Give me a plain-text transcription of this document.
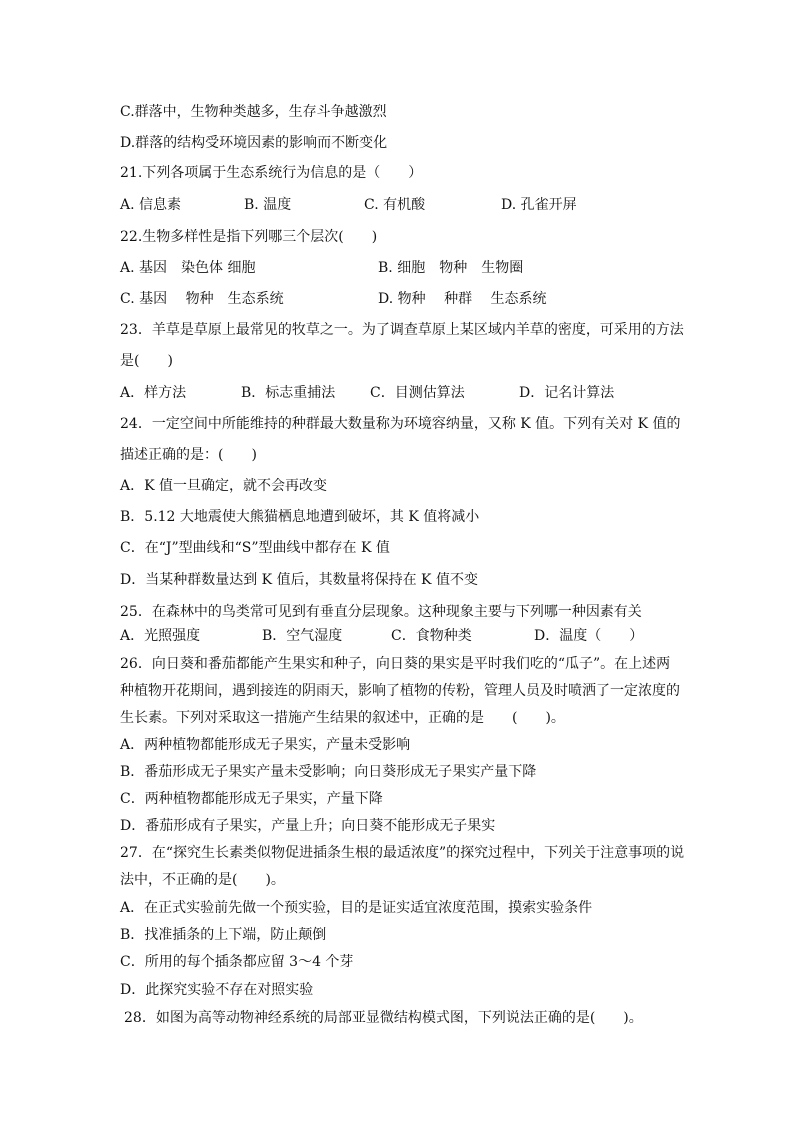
C.群落中，生物种类越多，生存斗争越激烈
D.群落的结构受环境因素的影响而不断变化
21.下列各项属于生态系统行为信息的是（　　）
A. 信息素	B. 温度	C. 有机酸	D. 孔雀开屏
22.生物多样性是指下列哪三个层次(　　)
A. 基因　染色体 细胞	B. 细胞　物种　生物圈
C. 基因　 物种　生态系统	D. 物种　 种群　 生态系统
23．羊草是草原上最常见的牧草之一。为了调查草原上某区域内羊草的密度，可采用的方法
是(　　)
A．样方法	B．标志重捕法 C．目测估算法	D．记名计算法
24．一定空间中所能维持的种群最大数量称为环境容纳量，又称 K 值。下列有关对 K 值的
描述正确的是：(　　)
A．K 值一旦确定，就不会再改变
B．5.12 大地震使大熊猫栖息地遭到破坏，其 K 值将减小
C．在“J”型曲线和“S”型曲线中都存在 K 值
D．当某种群数量达到 K 值后，其数量将保持在 K 值不变
25．在森林中的鸟类常可见到有垂直分层现象。这种现象主要与下列哪一种因素有关
A．光照强度	B．空气湿度	C．食物种类	D．温度（　　）
26．向日葵和番茄都能产生果实和种子，向日葵的果实是平时我们吃的“瓜子”。在上述两
种植物开花期间，遇到接连的阴雨天，影响了植物的传粉，管理人员及时喷洒了一定浓度的
生长素。下列对采取这一措施产生结果的叙述中，正确的是　　(　　)。
A．两种植物都能形成无子果实，产量未受影响
B．番茄形成无子果实产量未受影响；向日葵形成无子果实产量下降
C．两种植物都能形成无子果实，产量下降
D．番茄形成有子果实，产量上升；向日葵不能形成无子果实
27．在“探究生长素类似物促进插条生根的最适浓度”的探究过程中，下列关于注意事项的说
法中，不正确的是(　　)。
A．在正式实验前先做一个预实验，目的是证实适宜浓度范围，摸索实验条件
B．找准插条的上下端，防止颠倒
C．所用的每个插条都应留 3～4 个芽
D．此探究实验不存在对照实验
28．如图为高等动物神经系统的局部亚显微结构模式图，下列说法正确的是(　　)。
